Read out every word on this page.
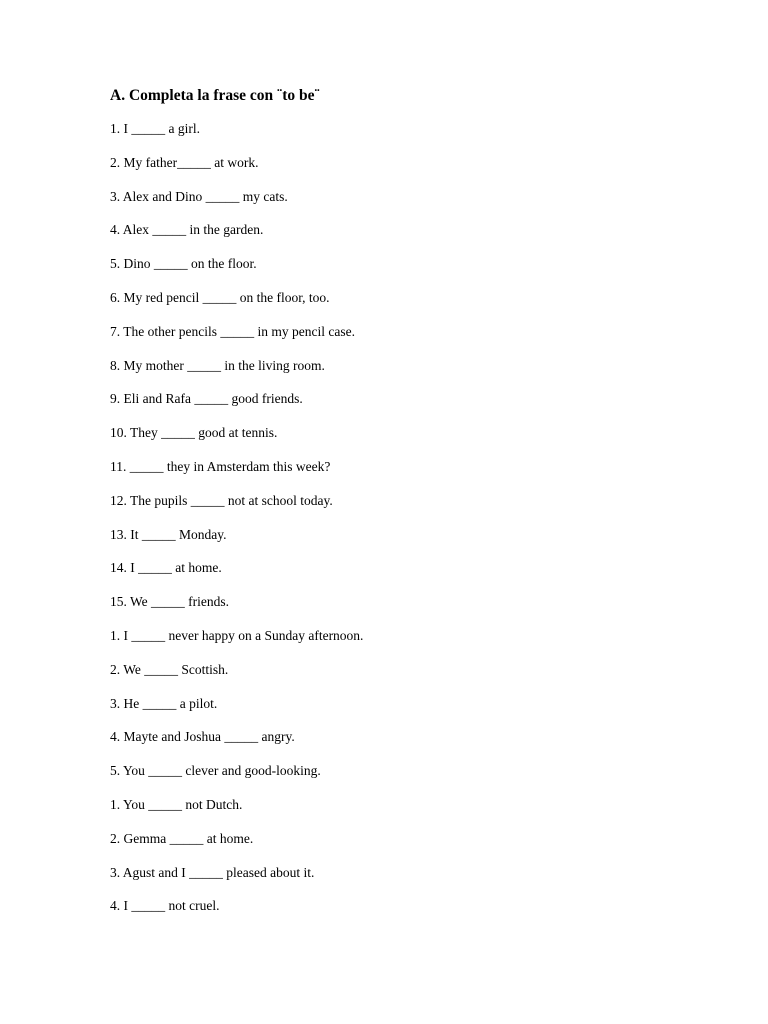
A. Completa la frase con ¨to be¨
1. I _____ a girl.
2. My father_____ at work.
3. Alex and Dino _____ my cats.
4. Alex _____ in the garden.
5. Dino _____ on the floor.
6. My red pencil _____ on the floor, too.
7. The other pencils _____ in my pencil case.
8. My mother _____ in the living room.
9. Eli and Rafa _____ good friends.
10. They _____ good at tennis.
11. _____ they in Amsterdam this week?
12. The pupils _____ not at school today.
13. It _____ Monday.
14. I _____ at home.
15. We _____ friends.
1. I _____ never happy on a Sunday afternoon.
2. We _____ Scottish.
3. He _____ a pilot.
4. Mayte and Joshua _____ angry.
5. You _____ clever and good-looking.
1. You _____ not Dutch.
2. Gemma _____ at home.
3. Agust and I _____ pleased about it.
4. I _____ not cruel.
